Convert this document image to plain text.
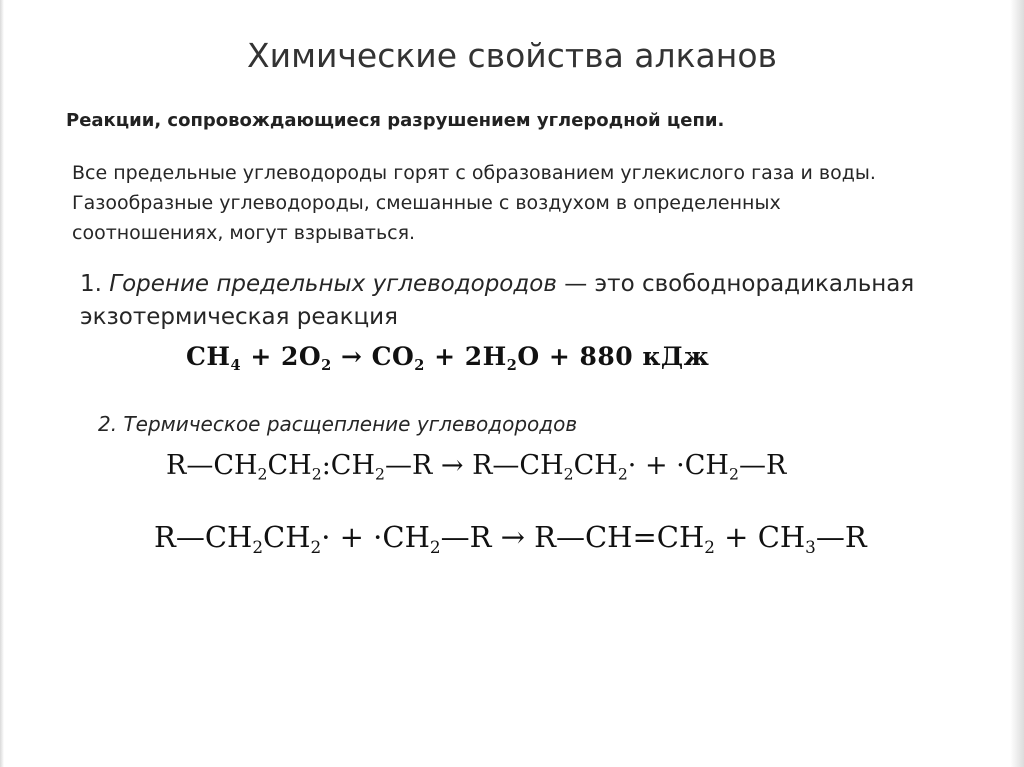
Химические свойства алканов
Реакции, сопровождающиеся разрушением углеродной цепи.
Все предельные углеводороды горят с образованием углекислого газа и воды.
Газообразные углеводороды, смешанные с воздухом в определенных
соотношениях, могут взрываться.
1. Горение предельных углеводородов — это свободнорадикальная
экзотермическая реакция
$CH_4 + 2O_2 \to CO_2 + 2H_2O + 880$ кДж
2. Термическое расщепление углеводородов
$R—CH_2CH_2:CH_2—R$ → $R—CH_2CH_2\cdot$ + $\cdot CH_2—R$
$R—CH_2CH_2\cdot$ + $\cdot CH_2—R$ → $R—CH=CH_2$ + $CH_3—R$
